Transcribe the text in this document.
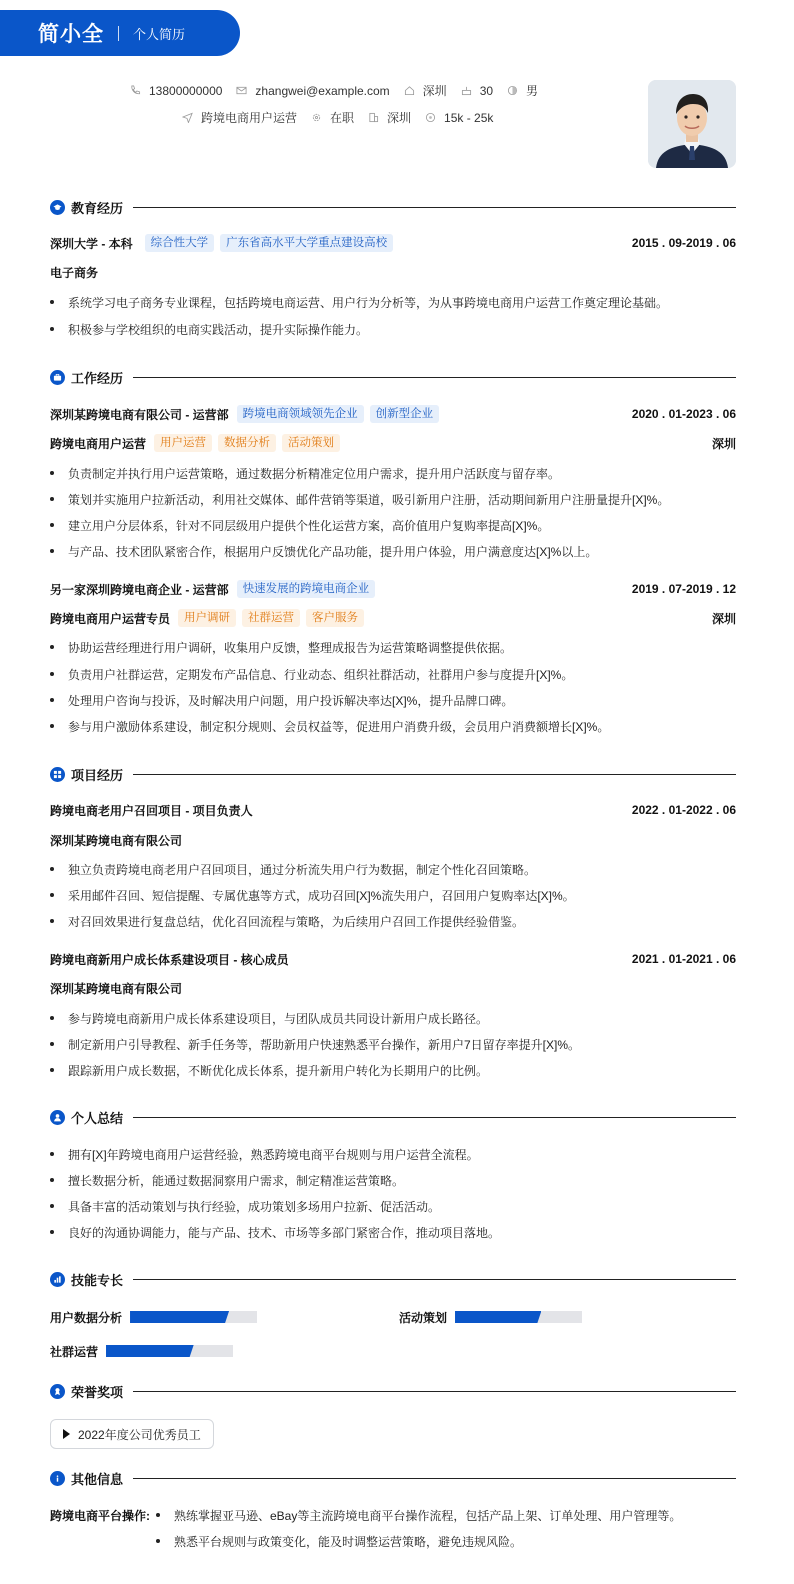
简小全 个人简历
13800000000	zhangwei@example.com	深圳	30	男
跨境电商用户运营	在职	深圳	15k - 25k
教育经历
深圳大学 - 本科	综合性大学	广东省高水平大学重点建设高校	2015 . 09-2019 . 06
电子商务
系统学习电子商务专业课程，包括跨境电商运营、用户行为分析等，为从事跨境电商用户运营工作奠定理论基础。
积极参与学校组织的电商实践活动，提升实际操作能力。
工作经历
深圳某跨境电商有限公司 - 运营部	跨境电商领域领先企业	创新型企业	2020 . 01-2023 . 06
跨境电商用户运营	用户运营	数据分析	活动策划	深圳
负责制定并执行用户运营策略，通过数据分析精准定位用户需求，提升用户活跃度与留存率。
策划并实施用户拉新活动，利用社交媒体、邮件营销等渠道，吸引新用户注册，活动期间新用户注册量提升[X]%。
建立用户分层体系，针对不同层级用户提供个性化运营方案，高价值用户复购率提高[X]%。
与产品、技术团队紧密合作，根据用户反馈优化产品功能，提升用户体验，用户满意度达[X]%以上。
另一家深圳跨境电商企业 - 运营部	快速发展的跨境电商企业	2019 . 07-2019 . 12
跨境电商用户运营专员	用户调研	社群运营	客户服务	深圳
协助运营经理进行用户调研，收集用户反馈，整理成报告为运营策略调整提供依据。
负责用户社群运营，定期发布产品信息、行业动态、组织社群活动，社群用户参与度提升[X]%。
处理用户咨询与投诉，及时解决用户问题，用户投诉解决率达[X]%，提升品牌口碑。
参与用户激励体系建设，制定积分规则、会员权益等，促进用户消费升级，会员用户消费额增长[X]%。
项目经历
跨境电商老用户召回项目 - 项目负责人	2022 . 01-2022 . 06
深圳某跨境电商有限公司
独立负责跨境电商老用户召回项目，通过分析流失用户行为数据，制定个性化召回策略。
采用邮件召回、短信提醒、专属优惠等方式，成功召回[X]%流失用户，召回用户复购率达[X]%。
对召回效果进行复盘总结，优化召回流程与策略，为后续用户召回工作提供经验借鉴。
跨境电商新用户成长体系建设项目 - 核心成员	2021 . 01-2021 . 06
深圳某跨境电商有限公司
参与跨境电商新用户成长体系建设项目，与团队成员共同设计新用户成长路径。
制定新用户引导教程、新手任务等，帮助新用户快速熟悉平台操作，新用户7日留存率提升[X]%。
跟踪新用户成长数据，不断优化成长体系，提升新用户转化为长期用户的比例。
个人总结
拥有[X]年跨境电商用户运营经验，熟悉跨境电商平台规则与用户运营全流程。
擅长数据分析，能通过数据洞察用户需求，制定精准运营策略。
具备丰富的活动策划与执行经验，成功策划多场用户拉新、促活活动。
良好的沟通协调能力，能与产品、技术、市场等多部门紧密合作，推动项目落地。
技能专长
用户数据分析	活动策划
社群运营
荣誉奖项
2022年度公司优秀员工
其他信息
跨境电商平台操作: 熟练掌握亚马逊、eBay等主流跨境电商平台操作流程，包括产品上架、订单处理、用户管理等。
熟悉平台规则与政策变化，能及时调整运营策略，避免违规风险。
